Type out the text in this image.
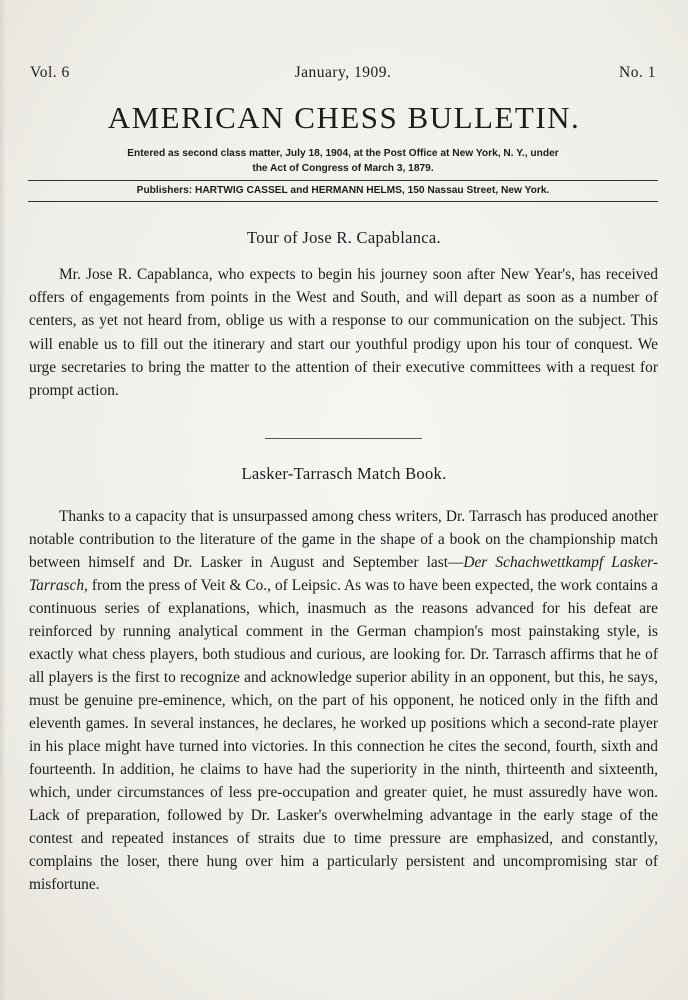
Vol. 6	January, 1909.	No. 1
AMERICAN CHESS BULLETIN.
Entered as second class matter, July 18, 1904, at the Post Office at New York, N. Y., under
the Act of Congress of March 3, 1879.
Publishers: HARTWIG CASSEL and HERMANN HELMS, 150 Nassau Street, New York.
Tour of Jose R. Capablanca.

Mr. Jose R. Capablanca, who expects to begin his journey soon after New Year's, has received offers of engagements from points in the West and South, and will depart as soon as a number of centers, as yet not heard from, oblige us with a response to our communication on the subject. This will enable us to fill out the itinerary and start our youthful prodigy upon his tour of conquest. We urge secretaries to bring the matter to the attention of their executive committees with a request for prompt action.

Lasker-Tarrasch Match Book.

Thanks to a capacity that is unsurpassed among chess writers, Dr. Tarrasch has produced another notable contribution to the literature of the game in the shape of a book on the championship match between himself and Dr. Lasker in August and September last—Der Schachwettkampf Lasker-Tarrasch, from the press of Veit & Co., of Leipsic. As was to have been expected, the work contains a continuous series of explanations, which, inasmuch as the reasons advanced for his defeat are reinforced by running analytical comment in the German champion's most painstaking style, is exactly what chess players, both studious and curious, are looking for. Dr. Tarrasch affirms that he of all players is the first to recognize and acknowledge superior ability in an opponent, but this, he says, must be genuine pre-eminence, which, on the part of his opponent, he noticed only in the fifth and eleventh games. In several instances, he declares, he worked up positions which a second-rate player in his place might have turned into victories. In this connection he cites the second, fourth, sixth and fourteenth. In addition, he claims to have had the superiority in the ninth, thirteenth and sixteenth, which, under circumstances of less pre-occupation and greater quiet, he must assuredly have won. Lack of preparation, followed by Dr. Lasker's overwhelming advantage in the early stage of the contest and repeated instances of straits due to time pressure are emphasized, and constantly, complains the loser, there hung over him a particularly persistent and uncompromising star of misfortune.
